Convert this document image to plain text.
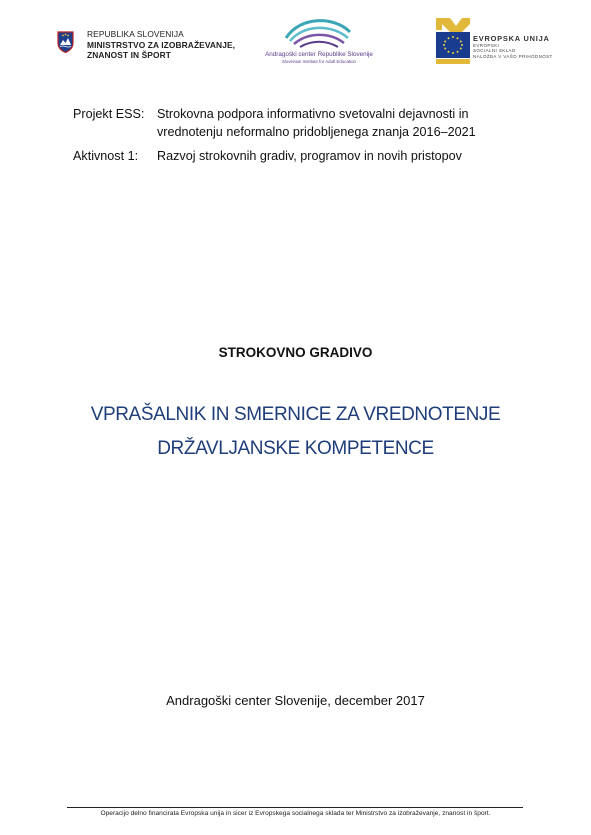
REPUBLIKA SLOVENIJA
MINISTRSTVO ZA IZOBRAŽEVANJE,
ZNANOST IN ŠPORT	Andragoški center Republike Slovenije
Slovenian Institute for Adult Education
EVROPSKA UNIJA
EVROPSKI
SOCIALNI SKLAD
NALOŽBA V VAŠO PRIHODNOST
Projekt ESS: Strokovna podpora informativno svetovalni dejavnosti in
vrednotenju neformalno pridobljenega znanja 2016–2021
Aktivnost 1: Razvoj strokovnih gradiv, programov in novih pristopov
STROKOVNO GRADIVO
VPRAŠALNIK IN SMERNICE ZA VREDNOTENJE
DRŽAVLJANSKE KOMPETENCE
Andragoški center Slovenije, december 2017
Operacijo delno financirata Evropska unija in sicer iz Evropskega socialnega sklada ter Ministrstvo za izobraževanje, znanost in šport.
